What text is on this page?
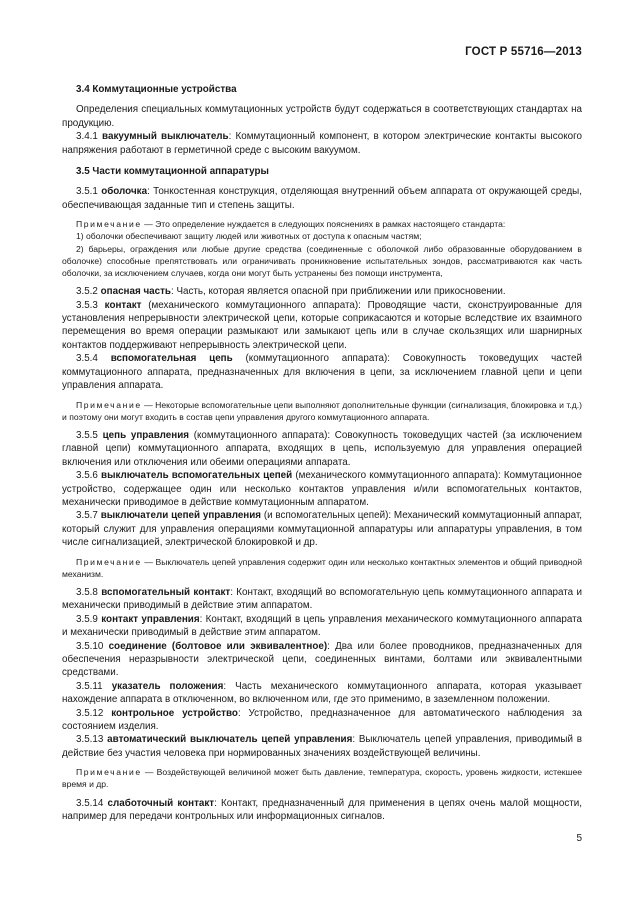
ГОСТ Р 55716—2013

3.4 Коммутационные устройства

Определения специальных коммутационных устройств будут содержаться в соответствующих стандартах на продукцию.

3.4.1 вакуумный выключатель: Коммутационный компонент, в котором электрические контакты высокого напряжения работают в герметичной среде с высоким вакуумом.

3.5 Части коммутационной аппаратуры

3.5.1 оболочка: Тонкостенная конструкция, отделяющая внутренний объем аппарата от окружающей среды, обеспечивающая заданные тип и степень защиты.

Примечание — Это определение нуждается в следующих пояснениях в рамках настоящего стандарта:

1) оболочки обеспечивают защиту людей или животных от доступа к опасным частям;

2) барьеры, ограждения или любые другие средства (соединенные с оболочкой либо образованные оборудованием в оболочке) способные препятствовать или ограничивать проникновение испытательных зондов, рассматриваются как часть оболочки, за исключением случаев, когда они могут быть устранены без помощи инструмента,

3.5.2 опасная часть: Часть, которая является опасной при приближении или прикосновении.

3.5.3 контакт (механического коммутационного аппарата): Проводящие части, сконструированные для установления непрерывности электрической цепи, которые соприкасаются и которые вследствие их взаимного перемещения во время операции размыкают или замыкают цепь или в случае скользящих или шарнирных контактов поддерживают непрерывность электрической цепи.

3.5.4 вспомогательная цепь (коммутационного аппарата): Совокупность токоведущих частей коммутационного аппарата, предназначенных для включения в цепи, за исключением главной цепи и цепи управления аппарата.

Примечание — Некоторые вспомогательные цепи выполняют дополнительные функции (сигнализация, блокировка и т.д.) и поэтому они могут входить в состав цепи управления другого коммутационного аппарата.

3.5.5 цепь управления (коммутационного аппарата): Совокупность токоведущих частей (за исключением главной цепи) коммутационного аппарата, входящих в цепь, используемую для управления операцией включения или отключения или обеими операциями аппарата.

3.5.6 выключатель вспомогательных цепей (механического коммутационного аппарата): Коммутационное устройство, содержащее один или несколько контактов управления и/или вспомогательных контактов, механически приводимое в действие коммутационным аппаратом.

3.5.7 выключатели цепей управления (и вспомогательных цепей): Механический коммутационный аппарат, который служит для управления операциями коммутационной аппаратуры или аппаратуры управления, в том числе сигнализацией, электрической блокировкой и др.

Примечание — Выключатель цепей управления содержит один или несколько контактных элементов и общий приводной механизм.

3.5.8 вспомогательный контакт: Контакт, входящий во вспомогательную цепь коммутационного аппарата и механически приводимый в действие этим аппаратом.

3.5.9 контакт управления: Контакт, входящий в цепь управления механического коммутационного аппарата и механически приводимый в действие этим аппаратом.

3.5.10 соединение (болтовое или эквивалентное): Два или более проводников, предназначенных для обеспечения неразрывности электрической цепи, соединенных винтами, болтами или эквивалентными средствами.

3.5.11 указатель положения: Часть механического коммутационного аппарата, которая указывает нахождение аппарата в отключенном, во включенном или, где это применимо, в заземленном положении.

3.5.12 контрольное устройство: Устройство, предназначенное для автоматического наблюдения за состоянием изделия.

3.5.13 автоматический выключатель цепей управления: Выключатель цепей управления, приводимый в действие без участия человека при нормированных значениях воздействующей величины.

Примечание — Воздействующей величиной может быть давление, температура, скорость, уровень жидкости, истекшее время и др.

3.5.14 слаботочный контакт: Контакт, предназначенный для применения в цепях очень малой мощности, например для передачи контрольных или информационных сигналов.

5
